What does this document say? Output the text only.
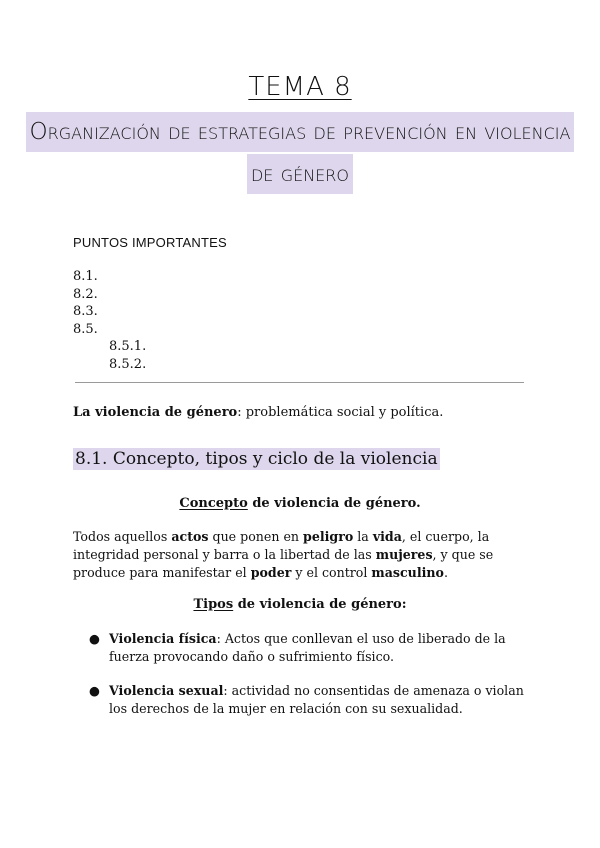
TEMA 8
Organización de estrategias de prevención en violencia
de género
PUNTOS IMPORTANTES
8.1.
8.2.
8.3.
8.5.
8.5.1.
8.5.2.
La violencia de género: problemática social y política.
8.1. Concepto, tipos y ciclo de la violencia
Concepto de violencia de género.
Todos aquellos actos que ponen en peligro la vida, el cuerpo, la integridad personal y barra o la libertad de las mujeres, y que se produce para manifestar el poder y el control masculino.
Tipos de violencia de género:
● Violencia física: Actos que conllevan el uso de liberado de la fuerza provocando daño o sufrimiento físico.
● Violencia sexual: actividad no consentidas de amenaza o violan los derechos de la mujer en relación con su sexualidad.
